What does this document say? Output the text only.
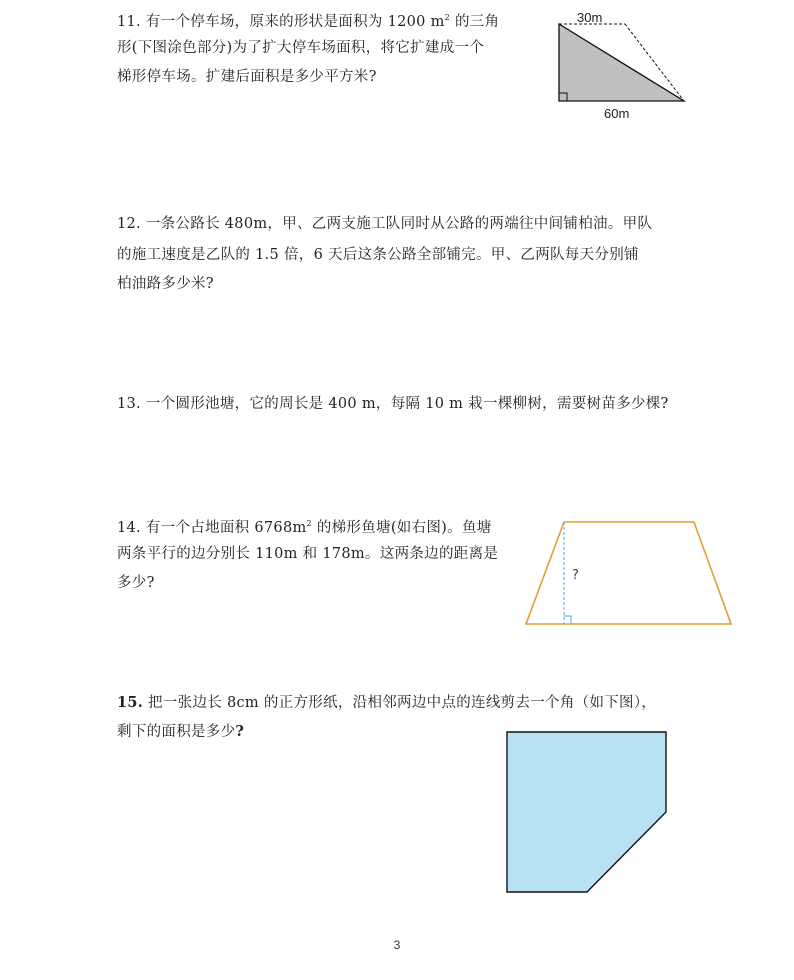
11. 有一个停车场，原来的形状是面积为 1200 $m^2$ 的三角
形(下图涂色部分)为了扩大停车场面积，将它扩建成一个
梯形停车场。扩建后面积是多少平方米?
30m
60m
12. 一条公路长 480m，甲、乙两支施工队同时从公路的两端往中间铺柏油。甲队
的施工速度是乙队的 1.5 倍，6 天后这条公路全部铺完。甲、乙两队每天分别铺
柏油路多少米?
13. 一个圆形池塘，它的周长是 400 m，每隔 10 m 栽一棵柳树，需要树苗多少棵?
14. 有一个占地面积 $6768m^2$ 的梯形鱼塘(如右图)。鱼塘
两条平行的边分别长 110m 和 178m。这两条边的距离是
多少?	?
15. 把一张边长 8cm 的正方形纸，沿相邻两边中点的连线剪去一个角（如下图），
剩下的面积是多少?
3
